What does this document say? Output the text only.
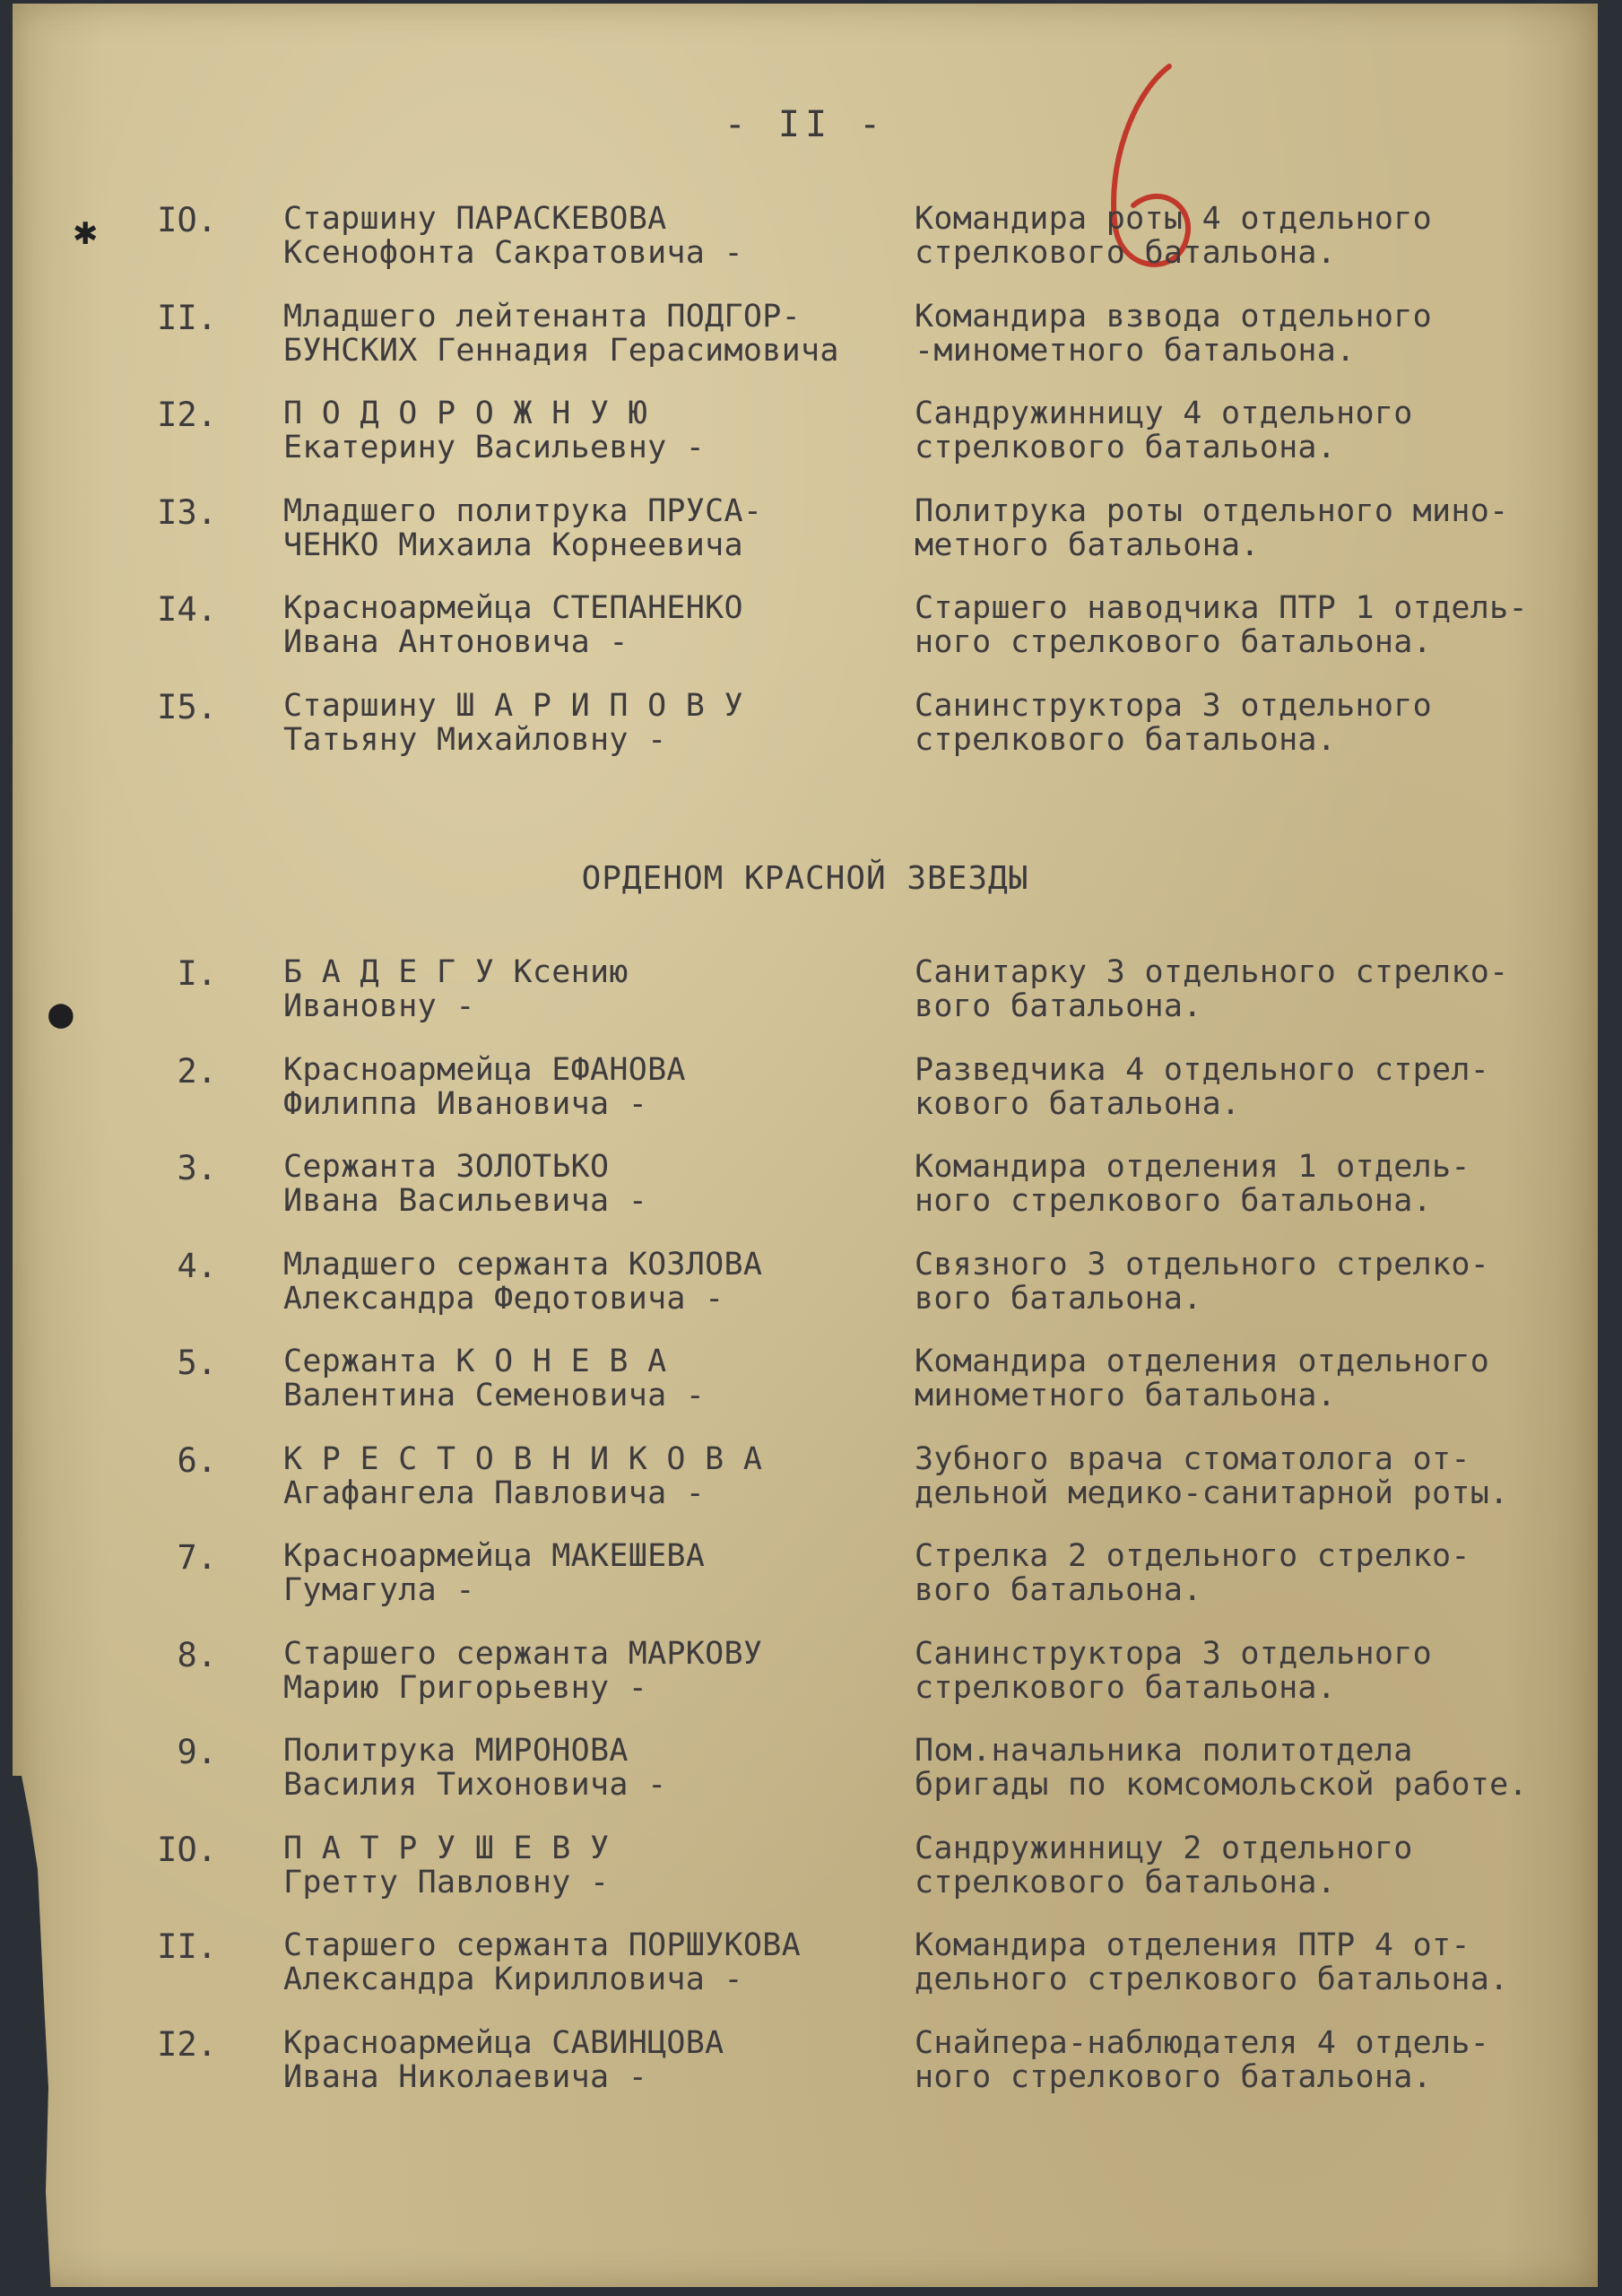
- II -
✱
●
IO. Старшину ПАРАСКЕВОВА
Ксенофонта Сакратовича -
Командира роты 4 отдельного
стрелкового батальона.
II. Младшего лейтенанта ПОДГОР-
БУНСКИХ Геннадия Герасимовича
Командира взвода отдельного
-минометного батальона.
I2. П О Д О Р О Ж Н У Ю
Екатерину Васильевну -
Сандружинницу 4 отдельного
стрелкового батальона.
I3. Младшего политрука ПРУСА-
ЧЕНКО Михаила Корнеевича
Политрука роты отдельного мино-
метного батальона.
I4. Красноармейца СТЕПАНЕНКО
Ивана Антоновича -
Старшего наводчика ПТР 1 отдель-
ного стрелкового батальона.
I5. Старшину Ш А Р И П О В У
Татьяну Михайловну -
Санинструктора 3 отдельного
стрелкового батальона.
ОРДЕНОМ КРАСНОЙ ЗВЕЗДЫ
I. Б А Д Е Г У Ксению
Ивановну -
Санитарку 3 отдельного стрелко-
вого батальона.
2. Красноармейца ЕФАНОВА
Филиппа Ивановича -
Разведчика 4 отдельного стрел-
кового батальона.
3. Сержанта ЗОЛОТЬКО
Ивана Васильевича -
Командира отделения 1 отдель-
ного стрелкового батальона.
4. Младшего сержанта КОЗЛОВА
Александра Федотовича -
Связного 3 отдельного стрелко-
вого батальона.
5. Сержанта К О Н Е В А
Валентина Семеновича -
Командира отделения отдельного
минометного батальона.
6. К Р Е С Т О В Н И К О В А
Агафангела Павловича -
Зубного врача стоматолога от-
дельной медико-санитарной роты.
7. Красноармейца МАКЕШЕВА
Гумагула -
Стрелка 2 отдельного стрелко-
вого батальона.
8. Старшего сержанта МАРКОВУ
Марию Григорьевну -
Санинструктора 3 отдельного
стрелкового батальона.
9. Политрука МИРОНОВА
Василия Тихоновича -
Пом.начальника политотдела
бригады по комсомольской работе.
IO. П А Т Р У Ш Е В У
Гретту Павловну -
Сандружинницу 2 отдельного
стрелкового батальона.
II. Старшего сержанта ПОРШУКОВА
Александра Кирилловича -
Командира отделения ПТР 4 от-
дельного стрелкового батальона.
I2. Красноармейца САВИНЦОВА
Ивана Николаевича -
Снайпера-наблюдателя 4 отдель-
ного стрелкового батальона.
